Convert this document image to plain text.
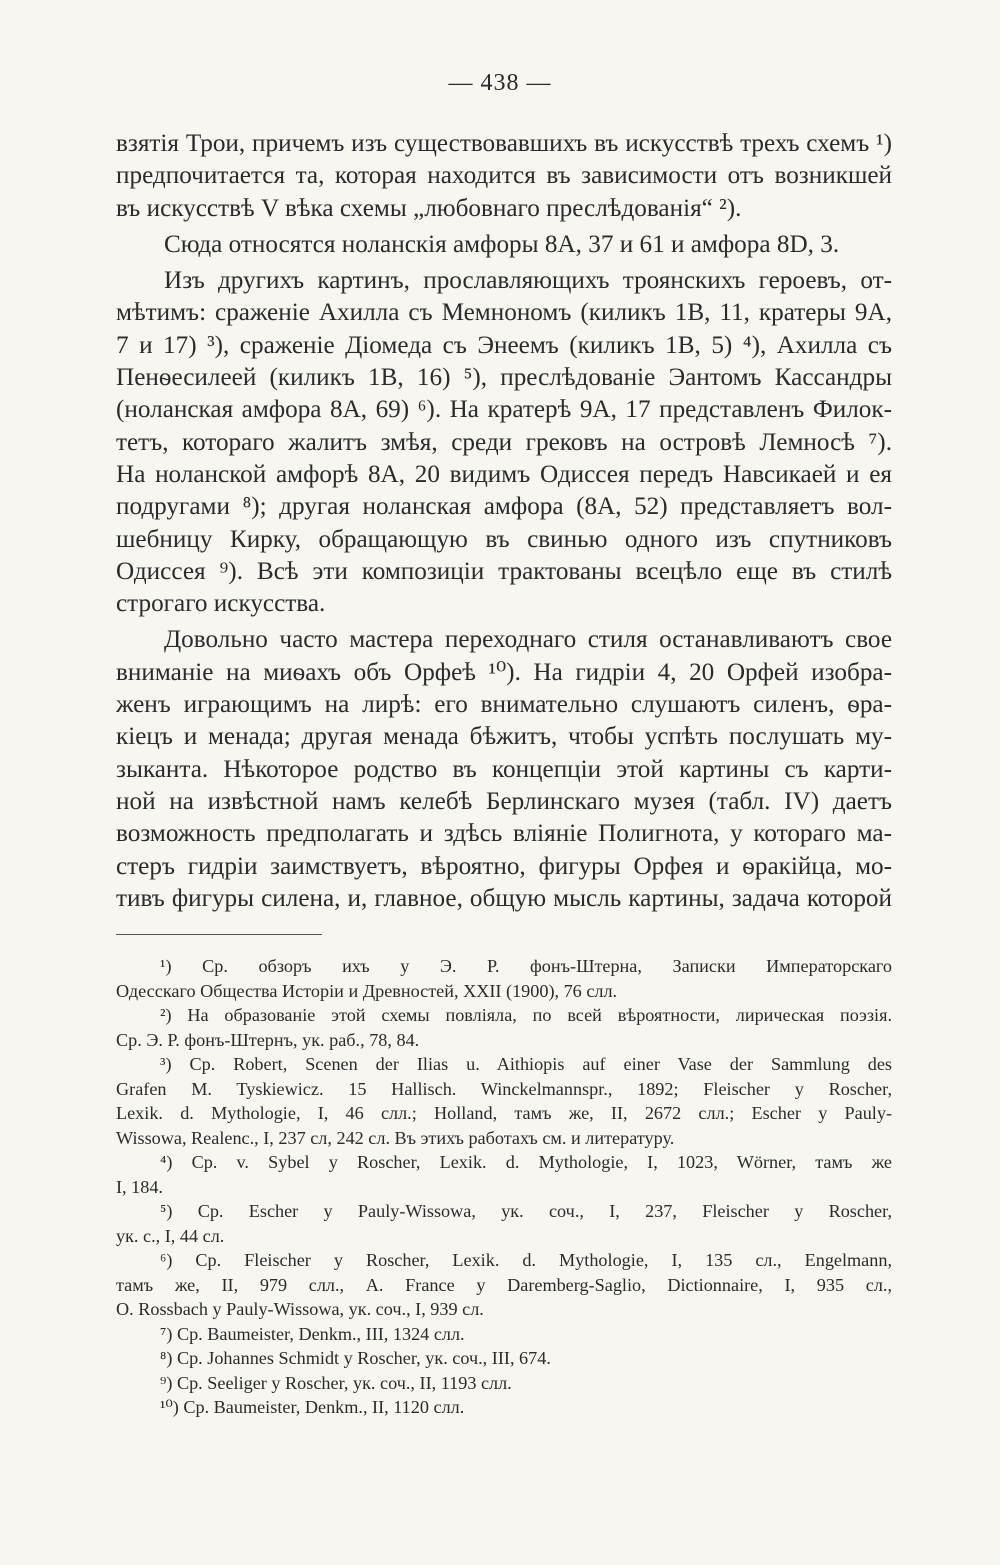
— 438 —

взятія Трои, причемъ изъ существовавшихъ въ искусствѣ трехъ схемъ ¹)

предпочитается та, которая находится въ зависимости отъ возникшей

въ искусствѣ V вѣка схемы „любовнаго преслѣдованія“ ²).

Сюда относятся ноланскія амфоры 8A, 37 и 61 и амфора 8D, 3.

Изъ другихъ картинъ, прославляющихъ троянскихъ героевъ, от-

мѣтимъ: сраженіе Ахилла съ Мемнономъ (киликъ 1B, 11, кратеры 9A,

7 и 17) ³), сраженіе Діомеда съ Энеемъ (киликъ 1B, 5) ⁴), Ахилла съ

Пенѳесилеей (киликъ 1B, 16) ⁵), преслѣдованіе Эантомъ Кассандры

(ноланская амфора 8A, 69) ⁶). На кратерѣ 9A, 17 представленъ Филок-

тетъ, котораго жалитъ змѣя, среди грековъ на островѣ Лемносѣ ⁷).

На ноланской амфорѣ 8A, 20 видимъ Одиссея передъ Навсикаей и ея

подругами ⁸); другая ноланская амфора (8A, 52) представляетъ вол-

шебницу Кирку, обращающую въ свинью одного изъ спутниковъ

Одиссея ⁹). Всѣ эти композиціи трактованы всецѣло еще въ стилѣ

строгаго искусства.

Довольно часто мастера переходнаго стиля останавливаютъ свое

вниманіе на миѳахъ объ Орфеѣ ¹⁰). На гидріи 4, 20 Орфей изобра-

женъ играющимъ на лирѣ: его внимательно слушаютъ силенъ, ѳра-

кіецъ и менада; другая менада бѣжитъ, чтобы успѣть послушать му-

зыканта. Нѣкоторое родство въ концепціи этой картины съ карти-

ной на извѣстной намъ келебѣ Берлинскаго музея (табл. IV) даетъ

возможность предполагать и здѣсь вліяніе Полигнота, у котораго ма-

стеръ гидріи заимствуетъ, вѣроятно, фигуры Орфея и ѳракійца, мо-

тивъ фигуры силена, и, главное, общую мысль картины, задача которой

¹) Ср. обзоръ ихъ у Э. Р. фонъ-Штерна, Записки Императорскаго

Одесскаго Общества Исторіи и Древностей, XXII (1900), 76 слл.

²) На образованіе этой схемы повліяла, по всей вѣроятности, лирическая поэзія.

Ср. Э. Р. фонъ-Штернъ, ук. раб., 78, 84.

³) Ср. Robert, Scenen der Ilias u. Aithiopis auf einer Vase der Sammlung des

Grafen M. Tyskiewicz. 15 Hallisch. Winckelmannspr., 1892; Fleischer y Roscher,

Lexik. d. Mythologie, I, 46 слл.; Holland, тамъ же, II, 2672 слл.; Escher y Pauly-

Wissowa, Realenc., I, 237 сл, 242 сл. Въ этихъ работахъ см. и литературу.

⁴) Ср. v. Sybel y Roscher, Lexik. d. Mythologie, I, 1023, Wörner, тамъ же

I, 184.

⁵) Ср. Escher y Pauly-Wissowa, ук. соч., I, 237, Fleischer y Roscher,

ук. с., I, 44 сл.

⁶) Ср. Fleischer y Roscher, Lexik. d. Mythologie, I, 135 сл., Engelmann,

тамъ же, II, 979 слл., A. France y Daremberg-Saglio, Dictionnaire, I, 935 сл.,

O. Rossbach y Pauly-Wissowa, ук. соч., I, 939 сл.

⁷) Ср. Baumeister, Denkm., III, 1324 слл.

⁸) Ср. Johannes Schmidt y Roscher, ук. соч., III, 674.

⁹) Ср. Seeliger y Roscher, ук. соч., II, 1193 слл.

¹⁰) Ср. Baumeister, Denkm., II, 1120 слл.
